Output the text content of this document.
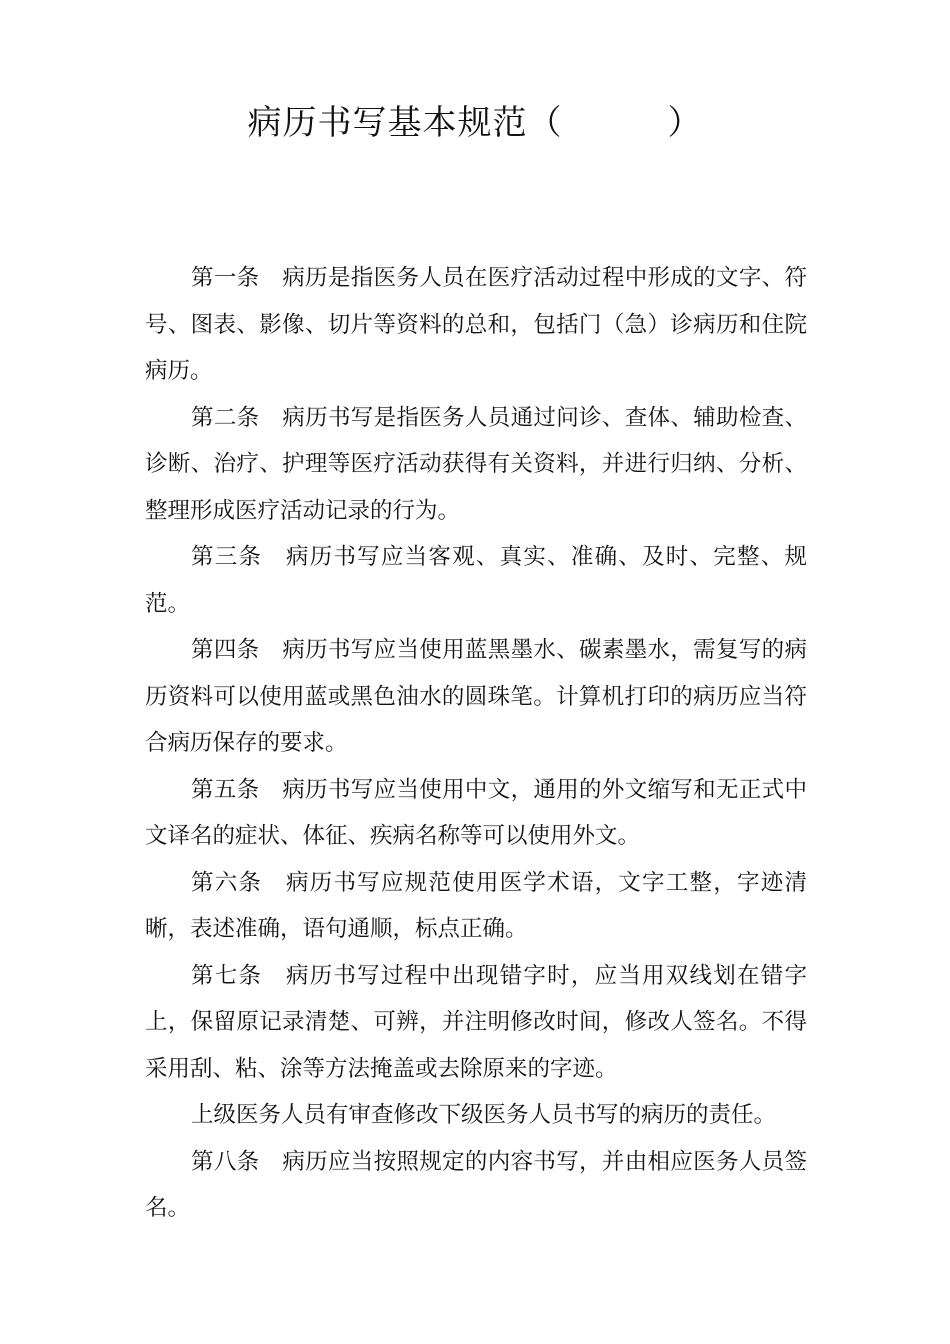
病历书写基本规范（　　　）

第一条　 病历是指医务人员在医疗活动过程中形成的文字、符号、图表、影像、切片等资料的总和，包括门（急）诊病历和住院病历。

第二条　 病历书写是指医务人员通过问诊、查体、辅助检查、诊断、治疗、护理等医疗活动获得有关资料，并进行归纳、分析、整理形成医疗活动记录的行为。

第三条　 病历书写应当客观、真实、准确、及时、完整、规范。

第四条　 病历书写应当使用蓝黑墨水、碳素墨水，需复写的病历资料可以使用蓝或黑色油水的圆珠笔。计算机打印的病历应当符合病历保存的要求。

第五条　 病历书写应当使用中文，通用的外文缩写和无正式中文译名的症状、体征、疾病名称等可以使用外文。

第六条　 病历书写应规范使用医学术语，文字工整，字迹清晰，表述准确，语句通顺，标点正确。

第七条　 病历书写过程中出现错字时，应当用双线划在错字上，保留原记录清楚、可辨，并注明修改时间，修改人签名。不得采用刮、粘、涂等方法掩盖或去除原来的字迹。

上级医务人员有审查修改下级医务人员书写的病历的责任。

第八条　 病历应当按照规定的内容书写，并由相应医务人员签名。
